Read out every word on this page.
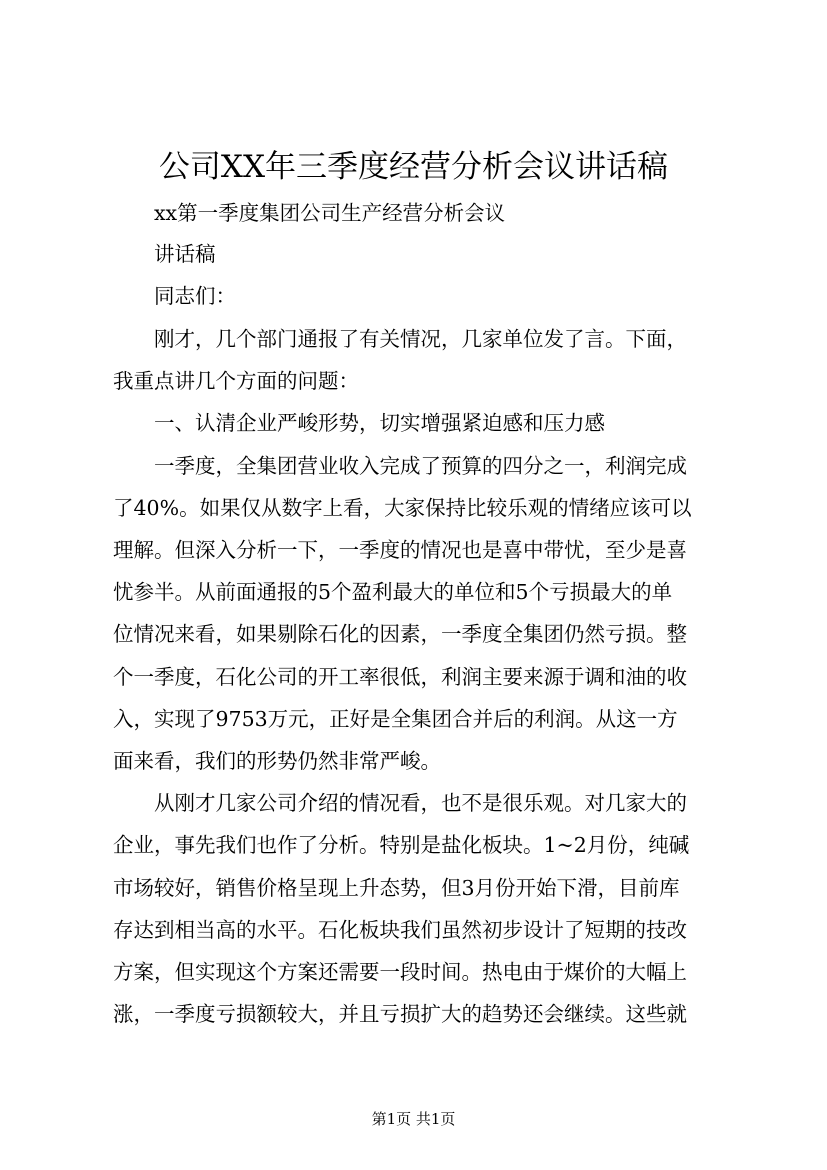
公司XX年三季度经营分析会议讲话稿
　　xx第一季度集团公司生产经营分析会议
　　讲话稿
　　同志们：
　　刚才，几个部门通报了有关情况，几家单位发了言。下面，
我重点讲几个方面的问题：
　　一、认清企业严峻形势，切实增强紧迫感和压力感
　　一季度，全集团营业收入完成了预算的四分之一，利润完成
了40%。如果仅从数字上看，大家保持比较乐观的情绪应该可以
理解。但深入分析一下，一季度的情况也是喜中带忧，至少是喜
忧参半。从前面通报的5个盈利最大的单位和5个亏损最大的单
位情况来看，如果剔除石化的因素，一季度全集团仍然亏损。整
个一季度，石化公司的开工率很低，利润主要来源于调和油的收
入，实现了9753万元，正好是全集团合并后的利润。从这一方
面来看，我们的形势仍然非常严峻。
　　从刚才几家公司介绍的情况看，也不是很乐观。对几家大的
企业，事先我们也作了分析。特别是盐化板块。1~2月份，纯碱
市场较好，销售价格呈现上升态势，但3月份开始下滑，目前库
存达到相当高的水平。石化板块我们虽然初步设计了短期的技改
方案，但实现这个方案还需要一段时间。热电由于煤价的大幅上
涨，一季度亏损额较大，并且亏损扩大的趋势还会继续。这些就
第1页 共1页
